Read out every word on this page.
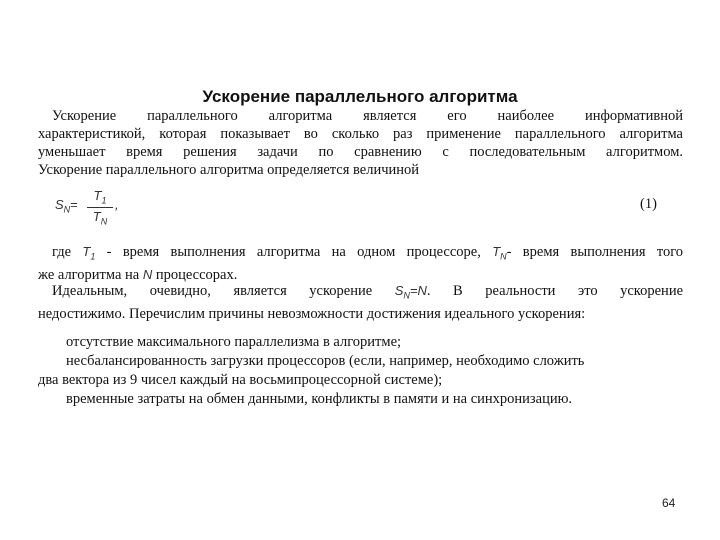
Ускорение параллельного алгоритма
Ускорение параллельного алгоритма является его наиболее информативной
характеристикой, которая показывает во сколько раз применение параллельного алгоритма
уменьшает время решения задачи по сравнению с последовательным алгоритмом.
Ускорение параллельного алгоритма определяется величиной
$S_N= \frac{T_1}{T_N}$ ,	(1)
где $T_1$ - время выполнения алгоритма на одном процессоре, $T_N-$ время выполнения того
же алгоритма на N процессорах.
Идеальным, очевидно, является ускорение $S_N=N$. В реальности это ускорение
недостижимо. Перечислим причины невозможности достижения идеального ускорения:
отсутствие максимального параллелизма в алгоритме;
несбалансированность загрузки процессоров (если, например, необходимо сложить
два вектора из 9 чисел каждый на восьмипроцессорной системе);
временные затраты на обмен данными, конфликты в памяти и на синхронизацию.
64
